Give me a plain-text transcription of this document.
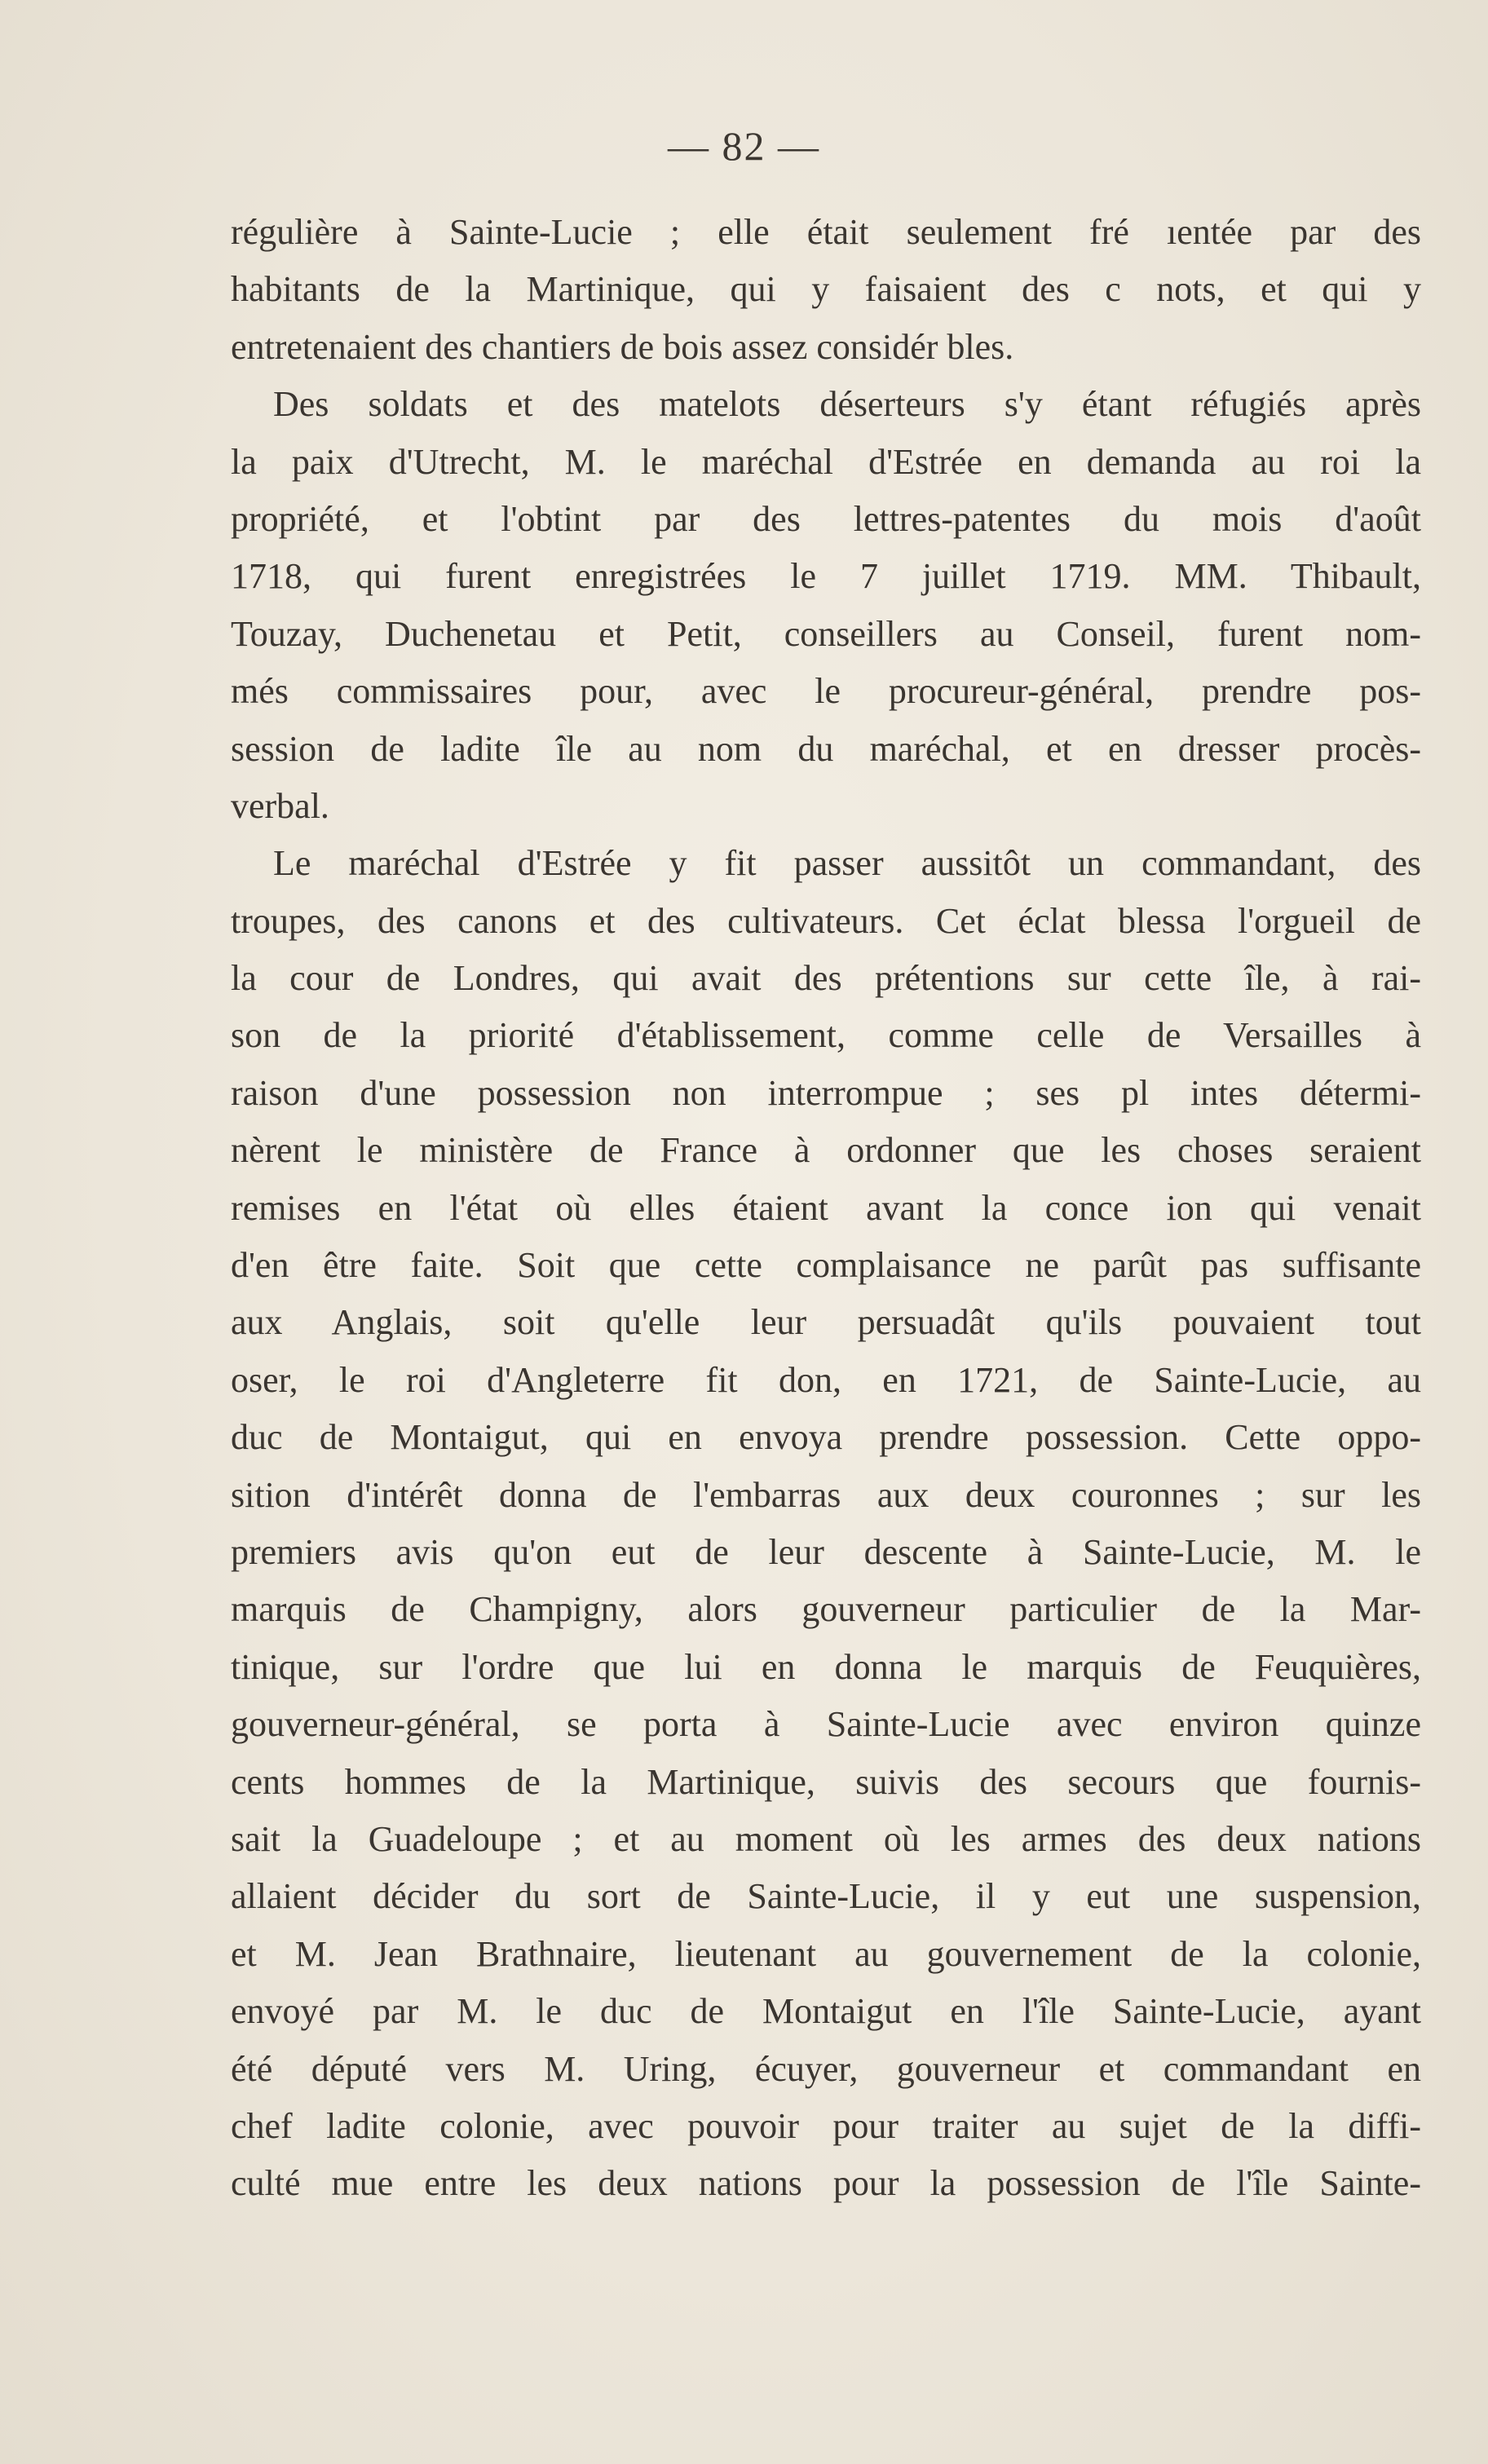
— 82 —
régulière à Sainte-Lucie ; elle était seulement fré ıentée par des
habitants de la Martinique, qui y faisaient des c nots, et qui y
entretenaient des chantiers de bois assez considér bles.
Des soldats et des matelots déserteurs s'y étant réfugiés après
la paix d'Utrecht, M. le maréchal d'Estrée en demanda au roi la
propriété, et l'obtint par des lettres-patentes du mois d'août
1718, qui furent enregistrées le 7 juillet 1719. MM. Thibault,
Touzay, Duchenetau et Petit, conseillers au Conseil, furent nom-
més commissaires pour, avec le procureur-général, prendre pos-
session de ladite île au nom du maréchal, et en dresser procès-
verbal.
Le maréchal d'Estrée y fit passer aussitôt un commandant, des
troupes, des canons et des cultivateurs. Cet éclat blessa l'orgueil de
la cour de Londres, qui avait des prétentions sur cette île, à rai-
son de la priorité d'établissement, comme celle de Versailles à
raison d'une possession non interrompue ; ses pl intes détermi-
nèrent le ministère de France à ordonner que les choses seraient
remises en l'état où elles étaient avant la conce ion qui venait
d'en être faite. Soit que cette complaisance ne parût pas suffisante
aux Anglais, soit qu'elle leur persuadât qu'ils pouvaient tout
oser, le roi d'Angleterre fit don, en 1721, de Sainte-Lucie, au
duc de Montaigut, qui en envoya prendre possession. Cette oppo-
sition d'intérêt donna de l'embarras aux deux couronnes ; sur les
premiers avis qu'on eut de leur descente à Sainte-Lucie, M. le
marquis de Champigny, alors gouverneur particulier de la Mar-
tinique, sur l'ordre que lui en donna le marquis de Feuquières,
gouverneur-général, se porta à Sainte-Lucie avec environ quinze
cents hommes de la Martinique, suivis des secours que fournis-
sait la Guadeloupe ; et au moment où les armes des deux nations
allaient décider du sort de Sainte-Lucie, il y eut une suspension,
et M. Jean Brathnaire, lieutenant au gouvernement de la colonie,
envoyé par M. le duc de Montaigut en l'île Sainte-Lucie, ayant
été député vers M. Uring, écuyer, gouverneur et commandant en
chef ladite colonie, avec pouvoir pour traiter au sujet de la diffi-
culté mue entre les deux nations pour la possession de l'île Sainte-
